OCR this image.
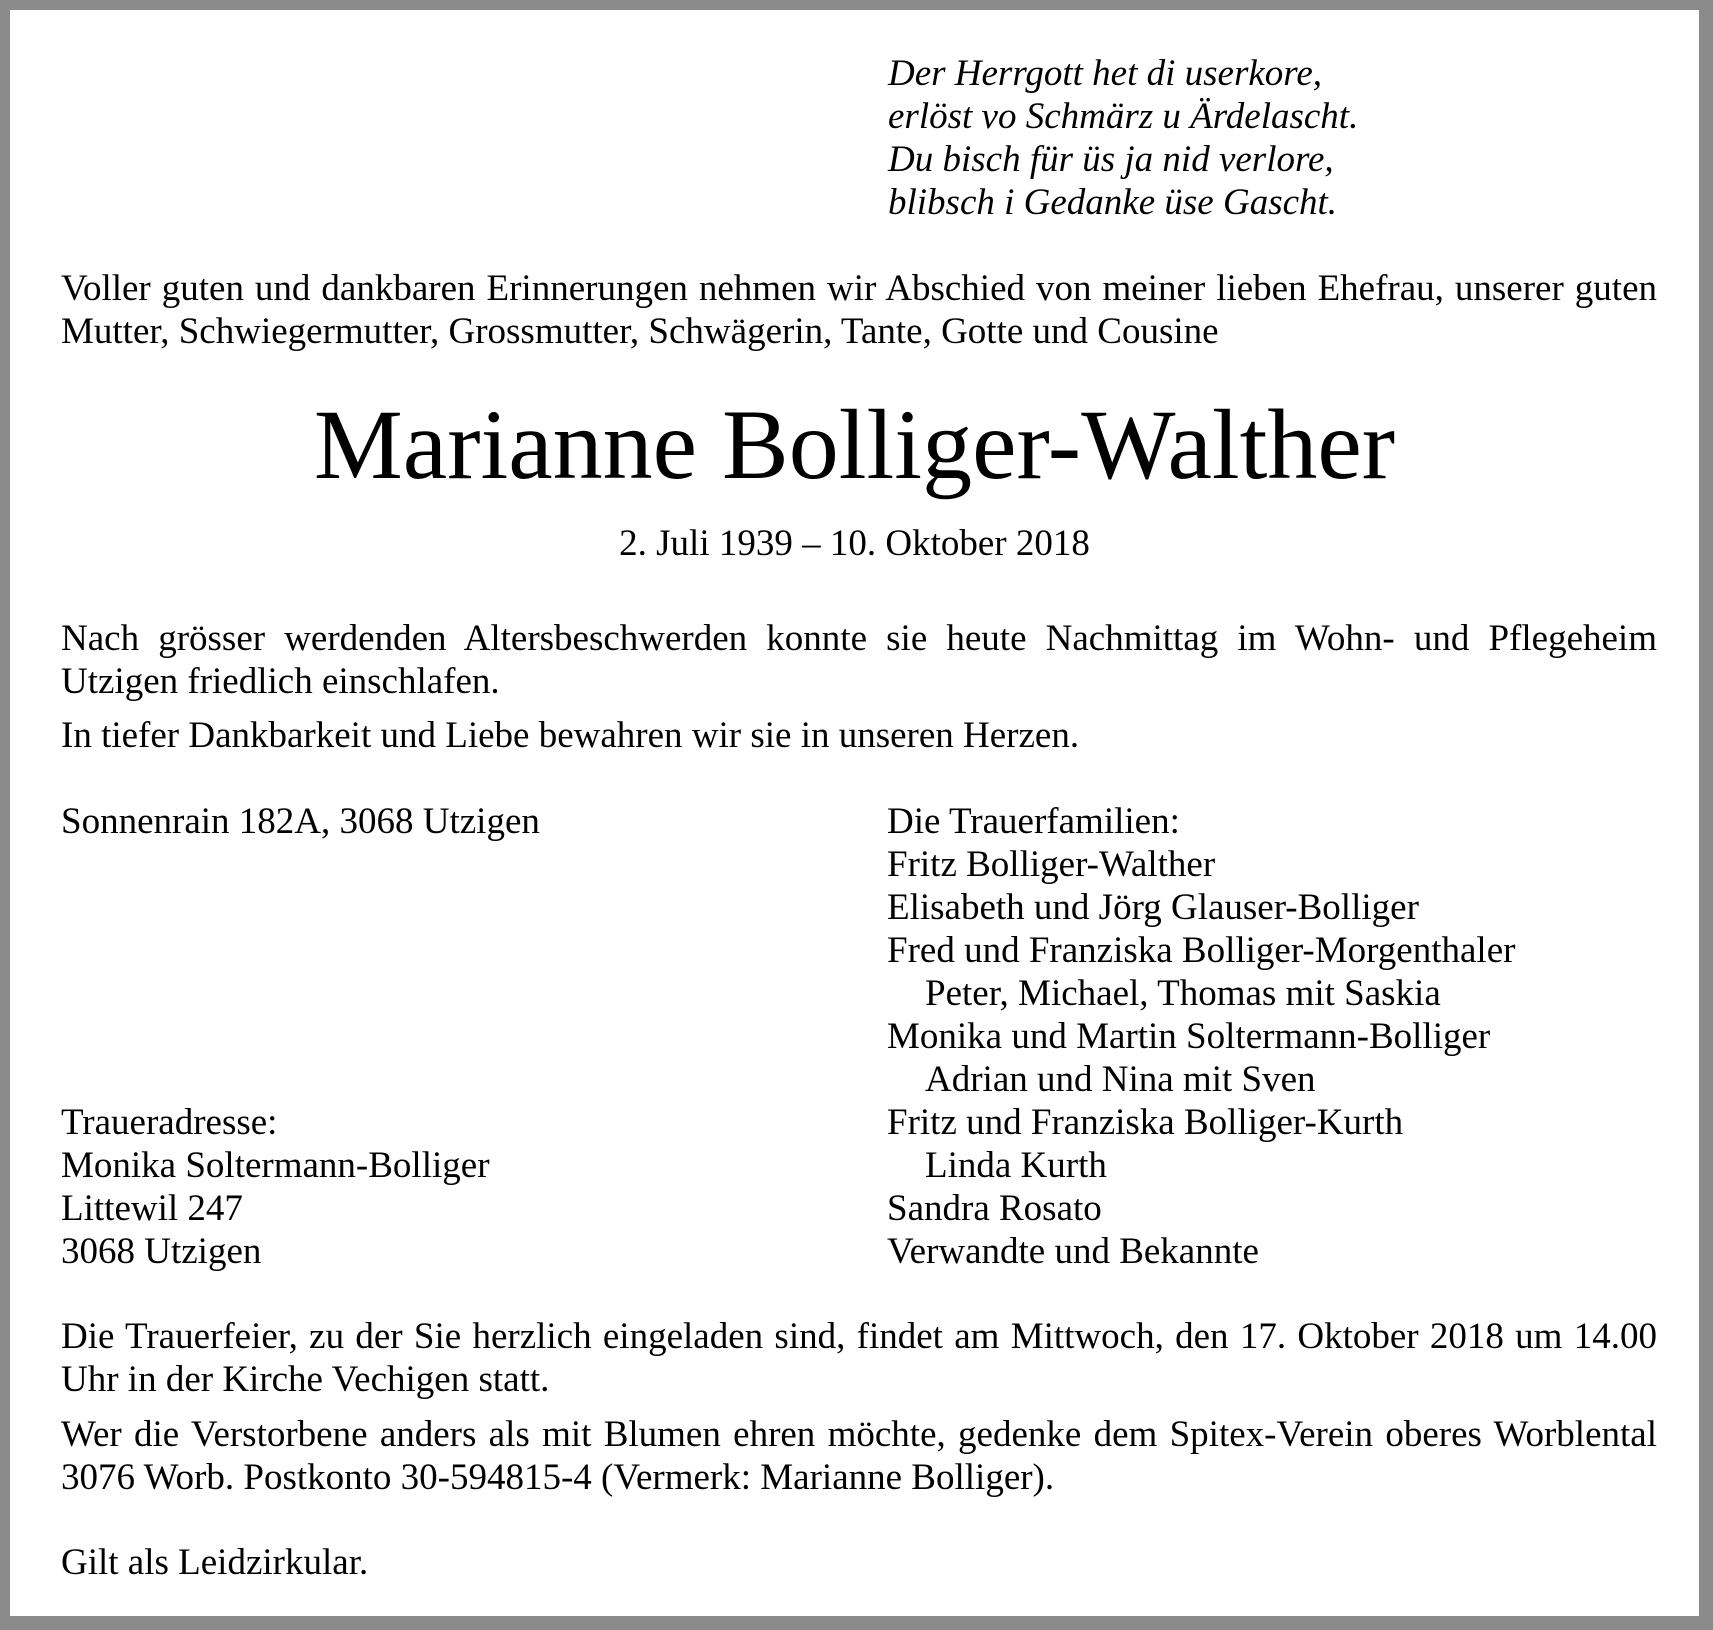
Der Herrgott het di userkore,
erlöst vo Schmärz u Ärdelascht.
Du bisch für üs ja nid verlore,
blibsch i Gedanke üse Gascht.
Voller guten und dankbaren Erinnerungen nehmen wir Abschied von meiner lieben Ehefrau, unserer guten Mutter, Schwiegermutter, Grossmutter, Schwägerin, Tante, Gotte und Cousine
Marianne Bolliger-Walther
2. Juli 1939 – 10. Oktober 2018
Nach grösser werdenden Altersbeschwerden konnte sie heute Nachmittag im Wohn- und Pflegeheim Utzigen friedlich einschlafen.
In tiefer Dankbarkeit und Liebe bewahren wir sie in unseren Herzen.
Sonnenrain 182A, 3068 Utzigen
Traueradresse:
Monika Soltermann-Bolliger
Littewil 247
3068 Utzigen
Die Trauerfamilien:
Fritz Bolliger-Walther
Elisabeth und Jörg Glauser-Bolliger
Fred und Franziska Bolliger-Morgenthaler
Peter, Michael, Thomas mit Saskia
Monika und Martin Soltermann-Bolliger
Adrian und Nina mit Sven
Fritz und Franziska Bolliger-Kurth
Linda Kurth
Sandra Rosato
Verwandte und Bekannte
Die Trauerfeier, zu der Sie herzlich eingeladen sind, findet am Mittwoch, den 17. Oktober 2018 um 14.00 Uhr in der Kirche Vechigen statt.
Wer die Verstorbene anders als mit Blumen ehren möchte, gedenke dem Spitex-Verein oberes Worblental 3076 Worb. Postkonto 30-594815-4 (Vermerk: Marianne Bolliger).
Gilt als Leidzirkular.
